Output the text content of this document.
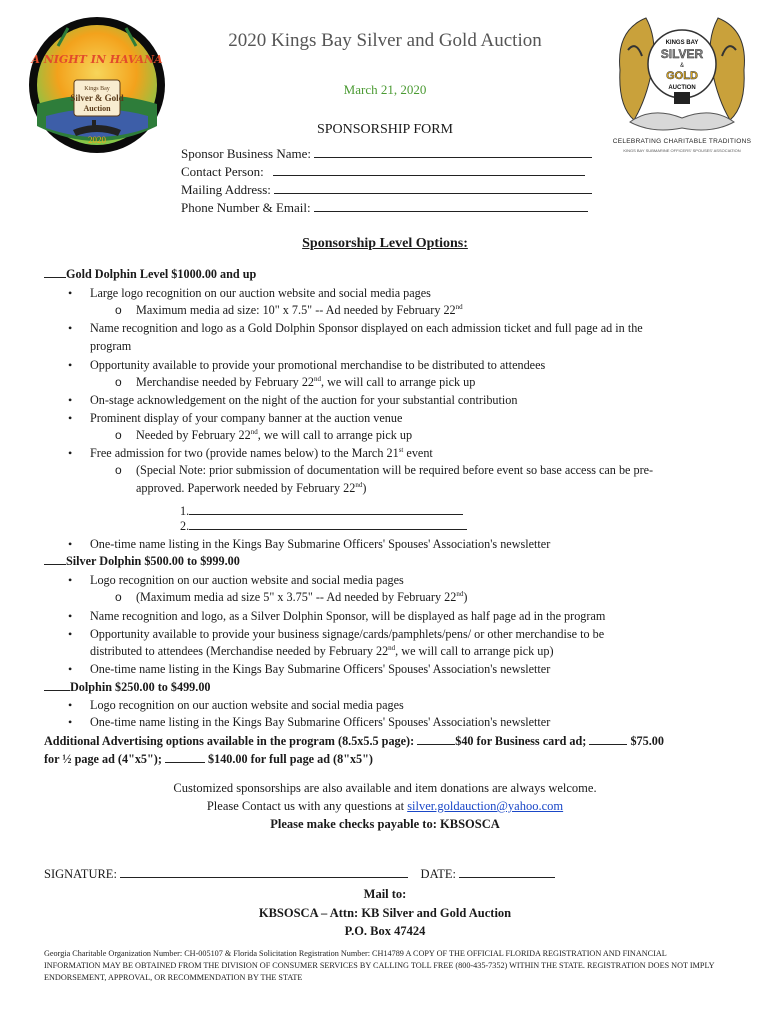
A NIGHT IN HAVANA
Kings Bay
Silver & Gold
Auction
2020
KINGS BAY
SILVER
&
GOLD
AUCTION
CELEBRATING CHARITABLE TRADITIONS
KINGS BAY SUBMARINE OFFICERS' SPOUSES' ASSOCIATION
2020 Kings Bay Silver and Gold Auction
March 21, 2020
SPONSORSHIP FORM
Sponsor Business Name:
Contact Person:
Mailing Address:
Phone Number & Email:
Sponsorship Level Options:
Gold Dolphin Level $1000.00 and up
• Large logo recognition on our auction website and social media pages
o Maximum media ad size: 10" x 7.5" -- Ad needed by February 22nd
• Name recognition and logo as a Gold Dolphin Sponsor displayed on each admission ticket and full page ad in the
program
• Opportunity available to provide your promotional merchandise to be distributed to attendees
o Merchandise needed by February 22nd, we will call to arrange pick up
• On-stage acknowledgement on the night of the auction for your substantial contribution
• Prominent display of your company banner at the auction venue
o Needed by February 22nd, we will call to arrange pick up
• Free admission for two (provide names below) to the March 21st event
o (Special Note: prior submission of documentation will be required before event so base access can be pre-
approved. Paperwork needed by February 22nd)
1.
2.
• One-time name listing in the Kings Bay Submarine Officers' Spouses' Association's newsletter
Silver Dolphin $500.00 to $999.00
• Logo recognition on our auction website and social media pages
o (Maximum media ad size 5" x 3.75" -- Ad needed by February 22nd)
• Name recognition and logo, as a Silver Dolphin Sponsor, will be displayed as half page ad in the program
• Opportunity available to provide your business signage/cards/pamphlets/pens/ or other merchandise to be
distributed to attendees (Merchandise needed by February 22nd, we will call to arrange pick up)
• One-time name listing in the Kings Bay Submarine Officers' Spouses' Association's newsletter
Dolphin $250.00 to $499.00
• Logo recognition on our auction website and social media pages
• One-time name listing in the Kings Bay Submarine Officers' Spouses' Association's newsletter
Additional Advertising options available in the program (8.5x5.5 page):	$40 for Business card ad;	$75.00
for ½ page ad (4"x5");	$140.00 for full page ad (8"x5")
Customized sponsorships are also available and item donations are always welcome.
Please Contact us with any questions at silver.goldauction@yahoo.com
Please make checks payable to: KBSOSCA
SIGNATURE:	DATE:
Mail to:
KBSOSCA – Attn: KB Silver and Gold Auction
P.O. Box 47424
Georgia Charitable Organization Number: CH-005107 & Florida Solicitation Registration Number: CH14789 A COPY OF THE OFFICIAL FLORIDA REGISTRATION AND FINANCIAL INFORMATION MAY BE OBTAINED FROM THE DIVISION OF CONSUMER SERVICES BY CALLING TOLL FREE (800-435-7352) WITHIN THE STATE. REGISTRATION DOES NOT IMPLY ENDORSEMENT, APPROVAL, OR RECOMMENDATION BY THE STATE
